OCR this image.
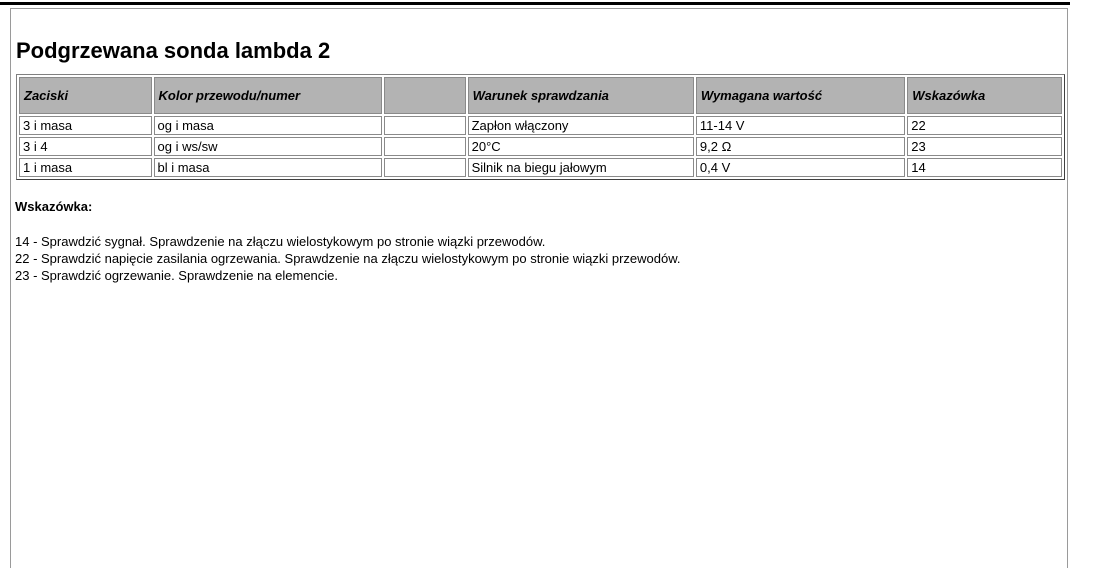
Podgrzewana sonda lambda 2
Zaciski	Kolor przewodu/numer		Warunek sprawdzania	Wymagana wartość	Wskazówka
3 i masa	og i masa		Zapłon włączony	11-14 V	22
3 i 4	og i ws/sw		20°C	9,2 Ω	23
1 i masa	bl i masa		Silnik na biegu jałowym	0,4 V	14

Wskazówka:

14 - Sprawdzić sygnał. Sprawdzenie na złączu wielostykowym po stronie wiązki przewodów.
22 - Sprawdzić napięcie zasilania ogrzewania. Sprawdzenie na złączu wielostykowym po stronie wiązki przewodów.
23 - Sprawdzić ogrzewanie. Sprawdzenie na elemencie.
